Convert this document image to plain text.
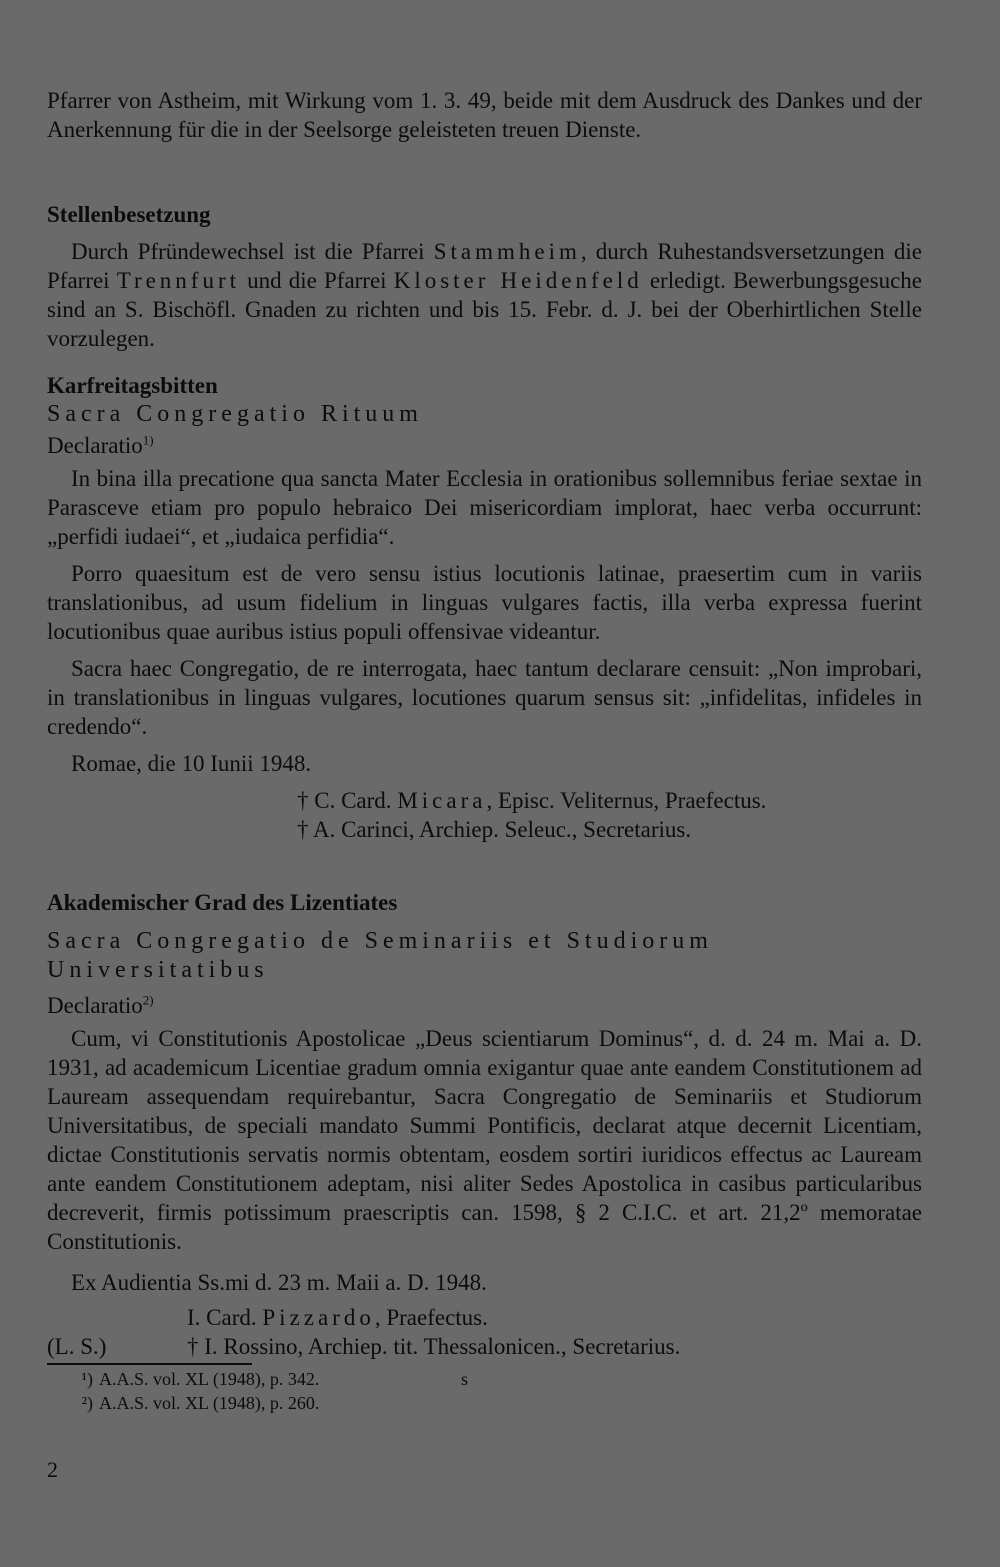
Pfarrer von Astheim, mit Wirkung vom 1. 3. 49, beide mit dem Ausdruck des Dankes und der Anerkennung für die in der Seelsorge geleisteten treuen Dienste.

Stellenbesetzung

Durch Pfründewechsel ist die Pfarrei Stammheim, durch Ruhestandsversetzungen die Pfarrei Trennfurt und die Pfarrei Kloster Heidenfeld erledigt. Bewerbungsgesuche sind an S. Bischöfl. Gnaden zu richten und bis 15. Febr. d. J. bei der Oberhirtlichen Stelle vorzulegen.

Karfreitagsbitten

Sacra Congregatio Rituum

Declaratio$^{1)}$

In bina illa precatione qua sancta Mater Ecclesia in orationibus sollemnibus feriae sextae in Parasceve etiam pro populo hebraico Dei misericordiam implorat, haec verba occurrunt: „perfidi iudaei“, et „iudaica perfidia“.

Porro quaesitum est de vero sensu istius locutionis latinae, praesertim cum in variis translationibus, ad usum fidelium in linguas vulgares factis, illa verba expressa fuerint locutionibus quae auribus istius populi offensivae videantur.

Sacra haec Congregatio, de re interrogata, haec tantum declarare censuit: „Non improbari, in translationibus in linguas vulgares, locutiones quarum sensus sit: „infidelitas, infideles in credendo“.

Romae, die 10 Iunii 1948.

† C. Card. Micara, Episc. Veliternus, Praefectus.

† A. Carinci, Archiep. Seleuc., Secretarius.

Akademischer Grad des Lizentiates

Sacra Congregatio de Seminariis et Studiorum

Universitatibus

Declaratio$^{2)}$

Cum, vi Constitutionis Apostolicae „Deus scientiarum Dominus“, d. d. 24 m. Mai a. D. 1931, ad academicum Licentiae gradum omnia exigantur quae ante eandem Constitutionem ad Lauream assequendam requirebantur, Sacra Congregatio de Seminariis et Studiorum Universitatibus, de speciali mandato Summi Pontificis, declarat atque decernit Licentiam, dictae Constitutionis servatis normis obtentam, eosdem sortiri iuridicos effectus ac Lauream ante eandem Constitutionem adeptam, nisi aliter Sedes Apostolica in casibus particularibus decreverit, firmis potissimum praescriptis can. 1598, § 2 C.I.C. et art. 21,2º memoratae Constitutionis.

Ex Audientia Ss.mi d. 23 m. Maii a. D. 1948.

I. Card. Pizzardo, Praefectus.

(L. S.)	† I. Rossino, Archiep. tit. Thessalonicen., Secretarius.
¹) A.A.S. vol. XL (1948), p. 342.	s
²) A.A.S. vol. XL (1948), p. 260.
2
